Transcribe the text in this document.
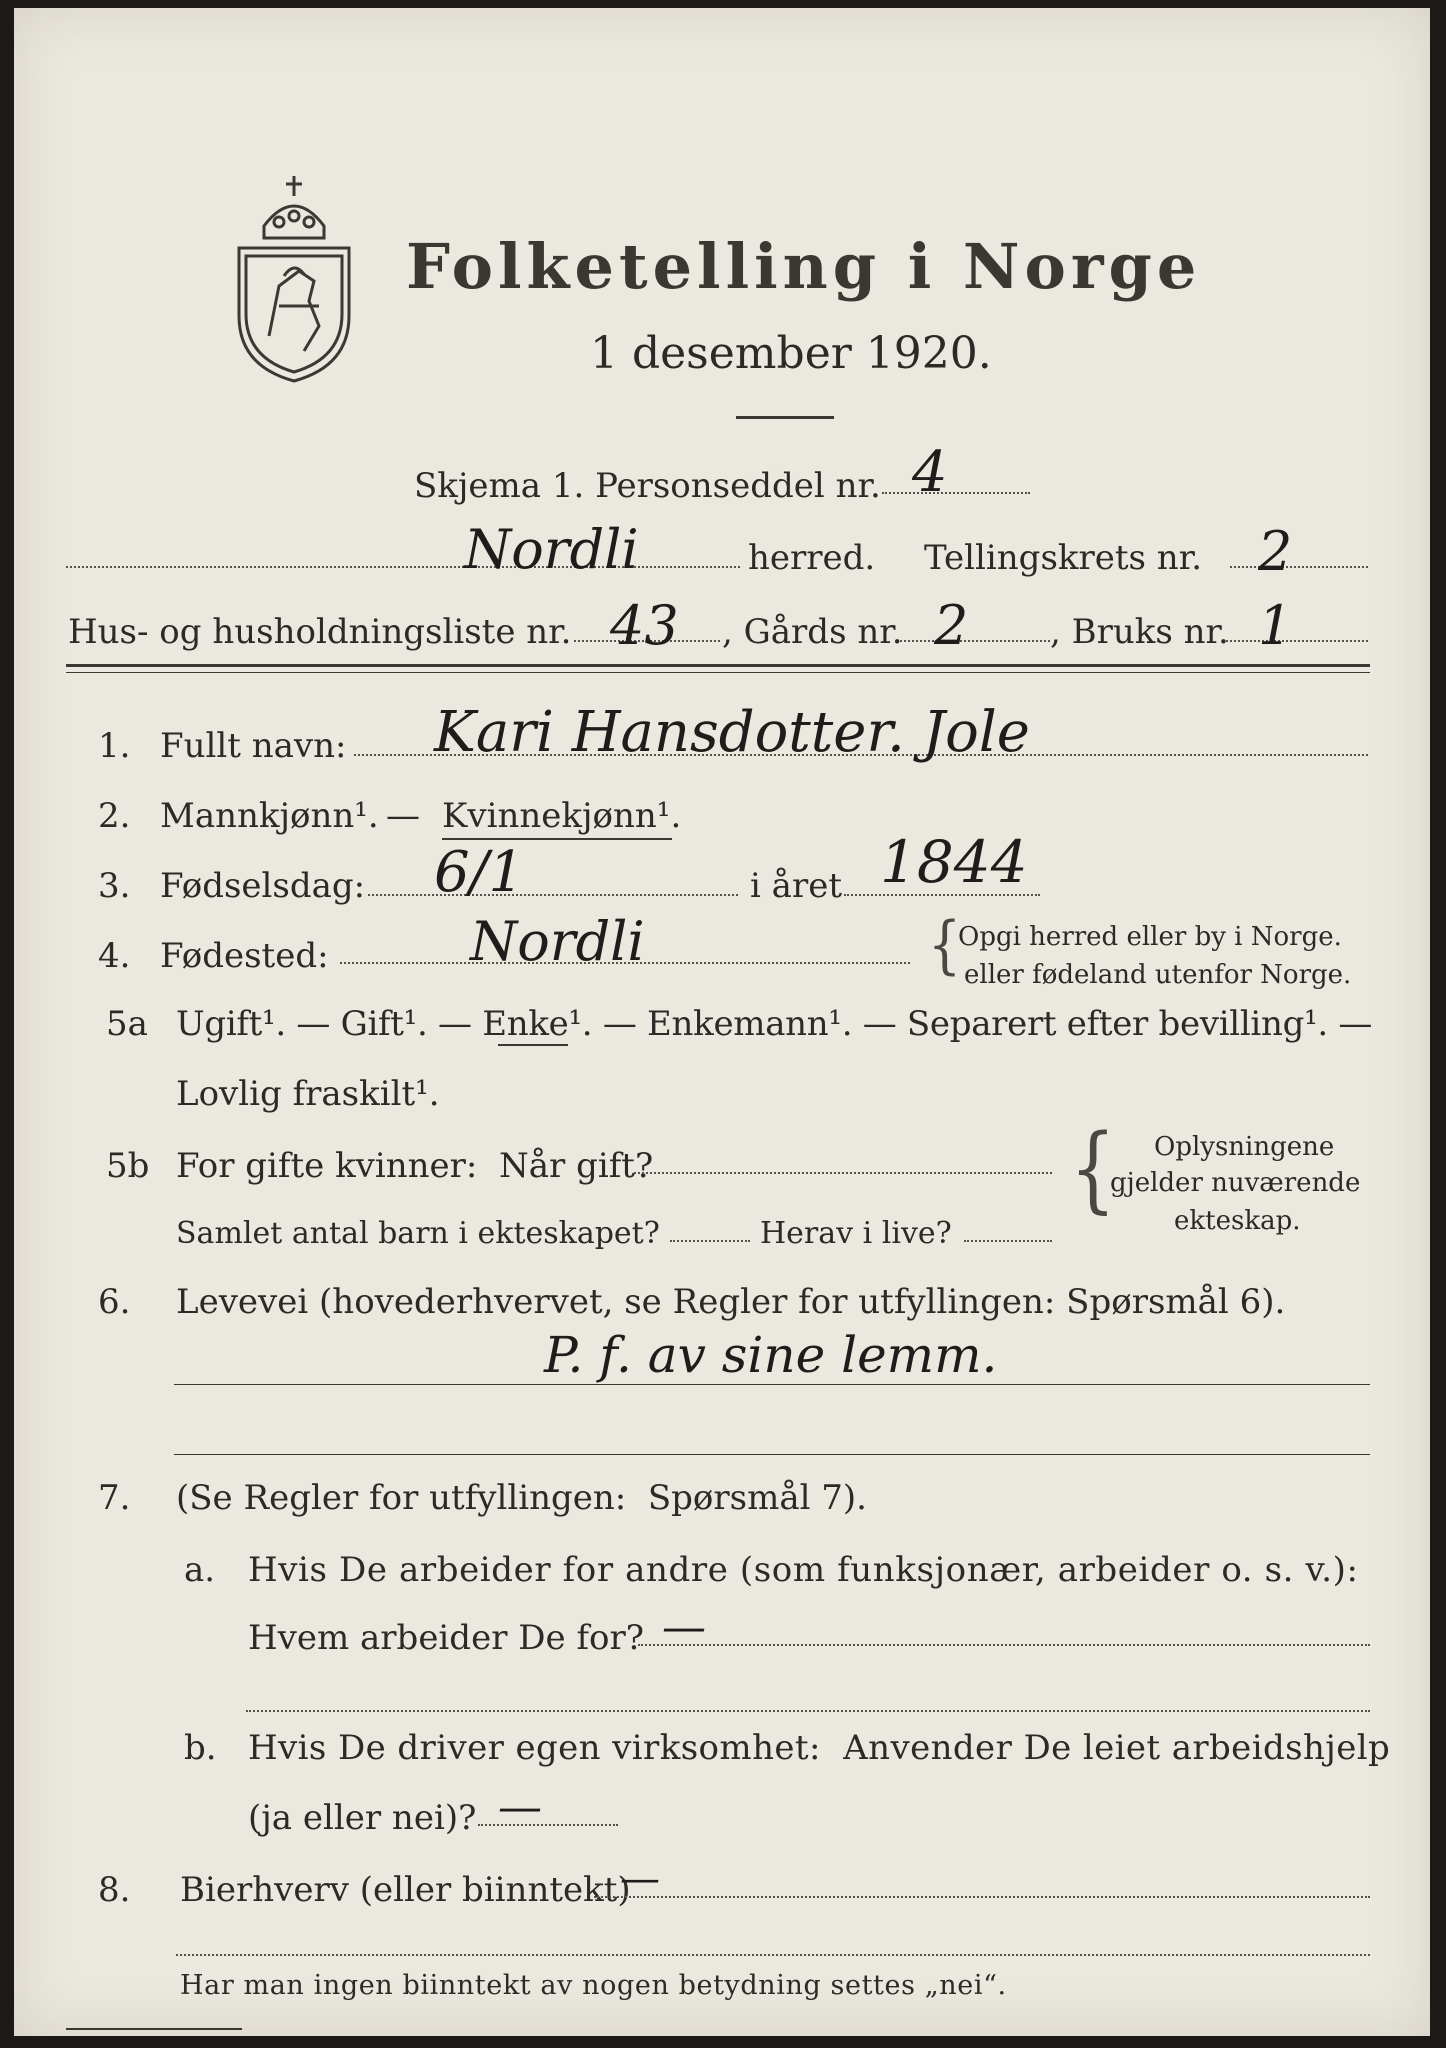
Folketelling i Norge
1 desember 1920.
Skjema 1. Personseddel nr. 4
Nordli	herred. Tellingskrets nr. 2
Hus- og husholdningsliste nr. 43 , Gårds nr. 2 , Bruks nr. 1
1. Fullt navn: Kari Hansdotter. Jole
2. Mannkjønn¹. — Kvinnekjønn¹.
3. Fødselsdag: 6/1	i året 1844
4. Fødested:	Nordli	{
Opgi herred eller by i Norge.
eller fødeland utenfor Norge.
5a Ugift¹. — Gift¹. — Enke¹. — Enkemann¹. — Separert efter bevilling¹. —
Lovlig fraskilt¹.
5b For gifte kvinner:  Når gift?
Samlet antal barn i ekteskapet?	Herav i live?
{ Oplysningene
gjelder nuværende
ekteskap.
6. Levevei (hovederhvervet, se Regler for utfyllingen: Spørsmål 6).
P. f. av sine lemm.
7. (Se Regler for utfyllingen:  Spørsmål 7).
a. Hvis De arbeider for andre (som funksjonær, arbeider o. s. v.):
Hvem arbeider De for? —
b. Hvis De driver egen virksomhet:  Anvender De leiet arbeidshjelp
(ja eller nei)? —
8. Bierhverv (eller biinntekt)
—
Har man ingen biinntekt av nogen betydning settes „nei“.
